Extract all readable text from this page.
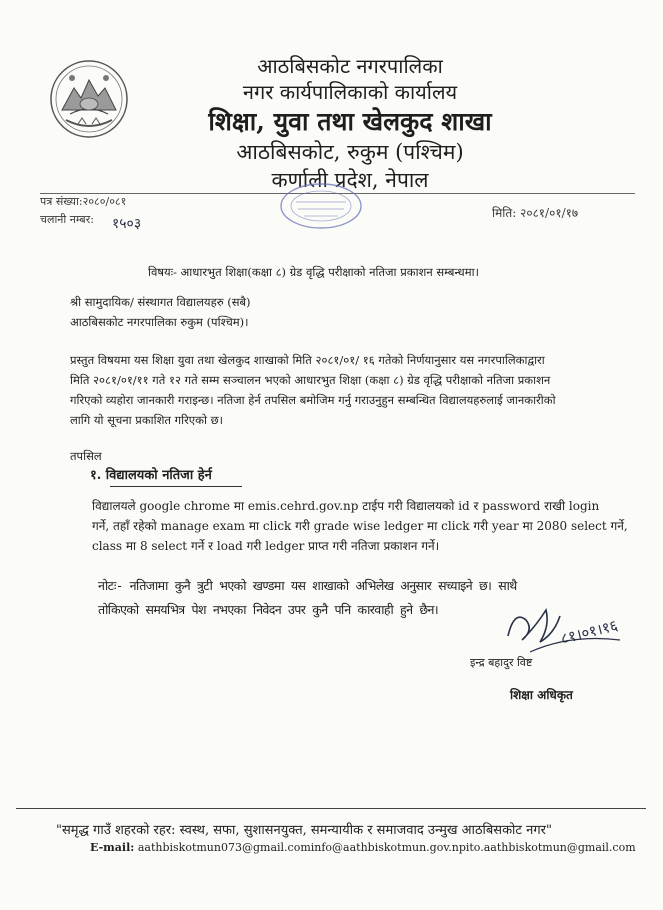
आठबिसकोट नगरपालिका
नगर कार्यपालिकाको कार्यालय
शिक्षा, युवा तथा खेलकुद शाखा
आठबिसकोट, रुकुम (पश्चिम)
कर्णाली प्रदेश, नेपाल
पत्र संख्या:२०८०/०८१
चलानी नम्बर: १५०३
मिति: २०८१/०१/१७
विषयः- आधारभुत शिक्षा(कक्षा ८) ग्रेड वृद्धि परीक्षाको नतिजा प्रकाशन सम्बन्धमा।
श्री सामुदायिक/ संस्थागत विद्यालयहरु (सबै)
आठबिसकोट नगरपालिका रुकुम (पश्चिम)।
प्रस्तुत विषयमा यस शिक्षा युवा तथा खेलकुद शाखाको मिति २०८१/०१/ १६ गतेको निर्णयानुसार यस नगरपालिकाद्वारा
मिति २०८१/०१/११ गते १२ गते सम्म सञ्चालन भएको आधारभुत शिक्षा (कक्षा ८) ग्रेड वृद्धि परीक्षाको नतिजा प्रकाशन
गरिएको व्यहोरा जानकारी गराइन्छ। नतिजा हेर्न तपसिल बमोजिम गर्नु गराउनुहुन सम्बन्धित विद्यालयहरुलाई जानकारीको
लागि यो सूचना प्रकाशित गरिएको छ।
तपसिल
१. विद्यालयको नतिजा हेर्न
विद्यालयले google chrome मा emis.cehrd.gov.np टाईप गरी विद्यालयको id र password राखी login
गर्ने, तहाँ रहेको manage exam मा click गरी grade wise ledger मा click गरी year मा 2080 select गर्ने,
class मा 8 select गर्ने र load गरी ledger प्राप्त गरी नतिजा प्रकाशन गर्ने।
नोटः- नतिजामा कुनै त्रुटी भएको खण्डमा यस शाखाको अभिलेख अनुसार सच्याइने छ। साथै
तोकिएको समयभित्र पेश नभएका निवेदन उपर कुनै पनि कारवाही हुने छैन।
८१।०१।१६
इन्द्र बहादुर विष्ट
शिक्षा अधिकृत
"समृद्ध गाउँ शहरको रहर: स्वस्थ, सफा, सुशासनयुक्त, समन्यायीक र समाजवाद उन्मुख आठबिसकोट नगर"
E-mail: aathbiskotmun073@gmail.cominfo@aathbiskotmun.gov.npito.aathbiskotmun@gmail.com
